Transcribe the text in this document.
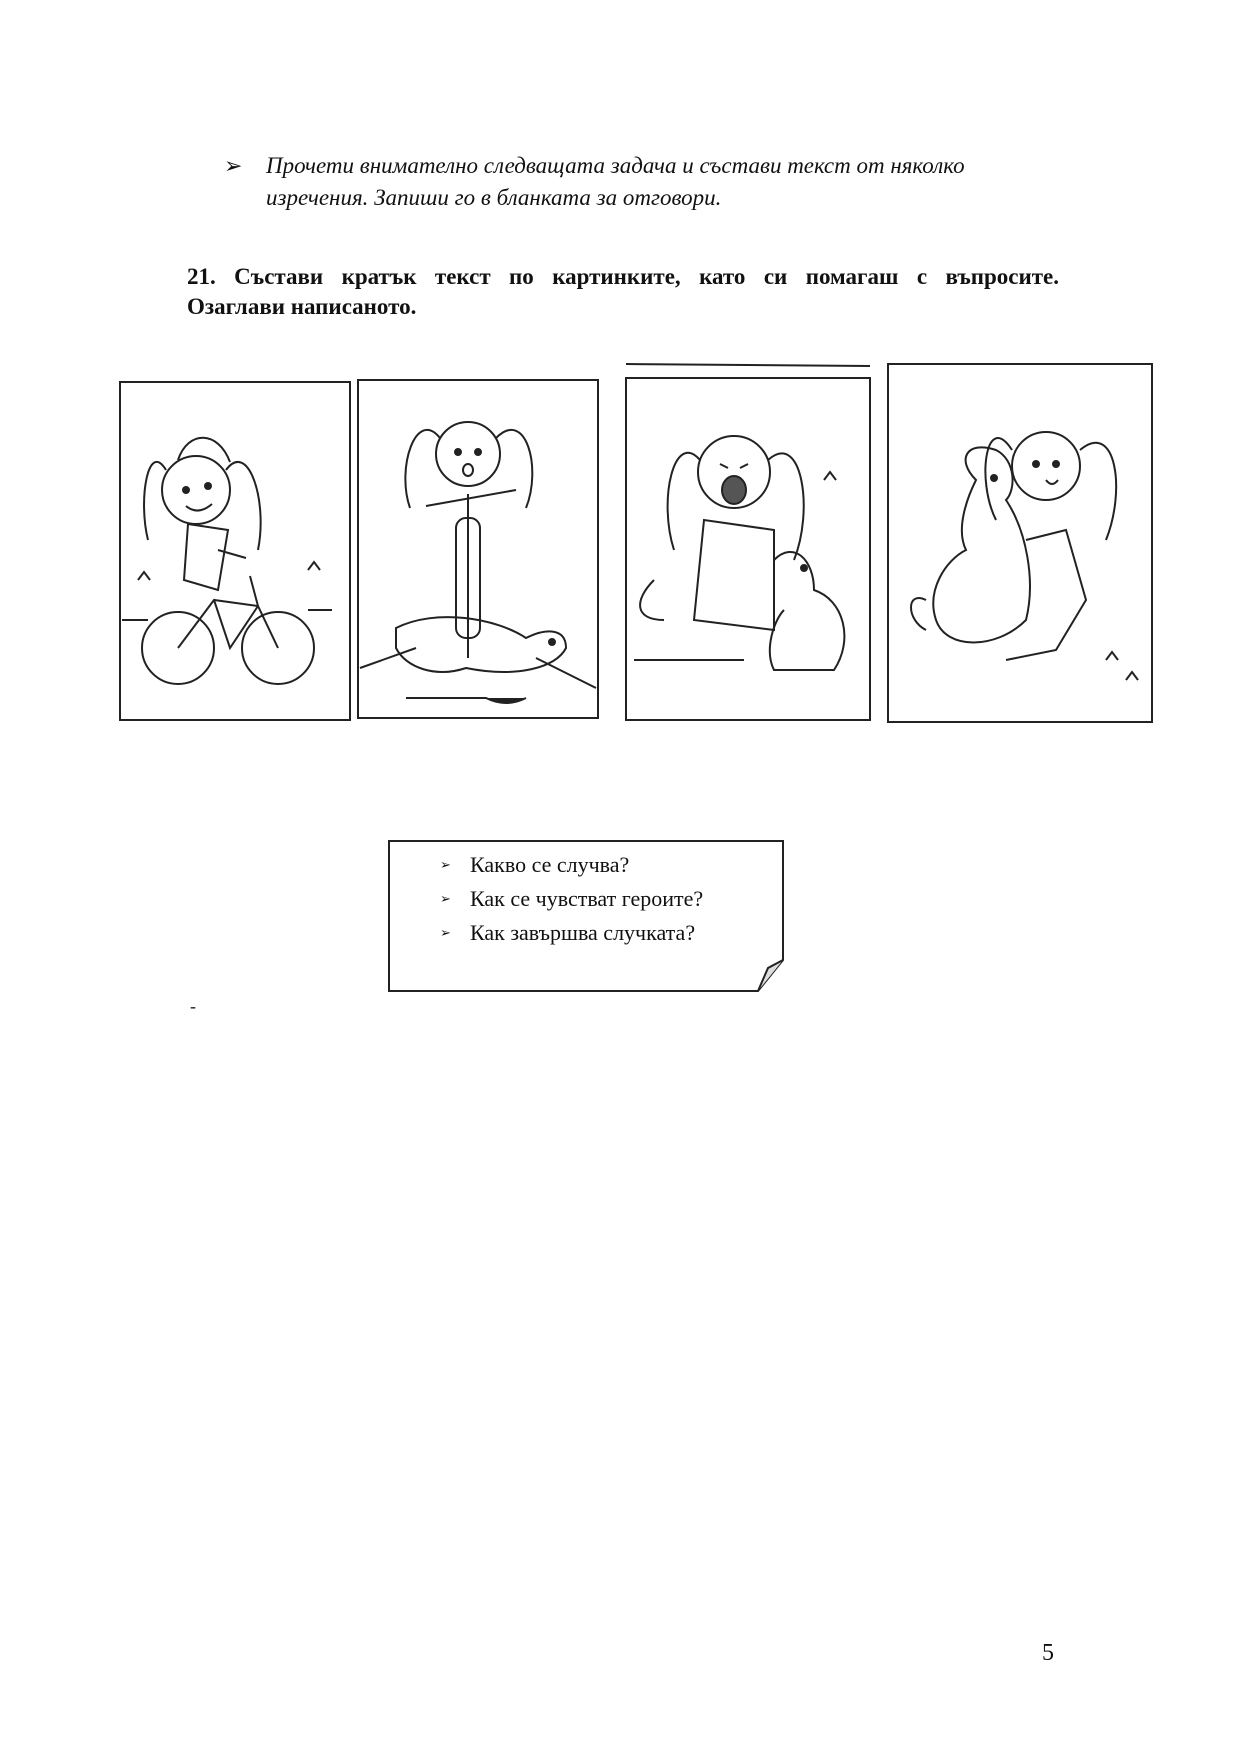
➢ Прочети внимателно следващата задача и състави текст от няколко
изречения. Запиши го в бланката за отговори.
21. Състави кратък текст по картинките, като си помагаш с въпросите.
Озаглави написаното.
➢ Какво се случва?
➢ Как се чувстват героите?
➢ Как завършва случката?
-
5
